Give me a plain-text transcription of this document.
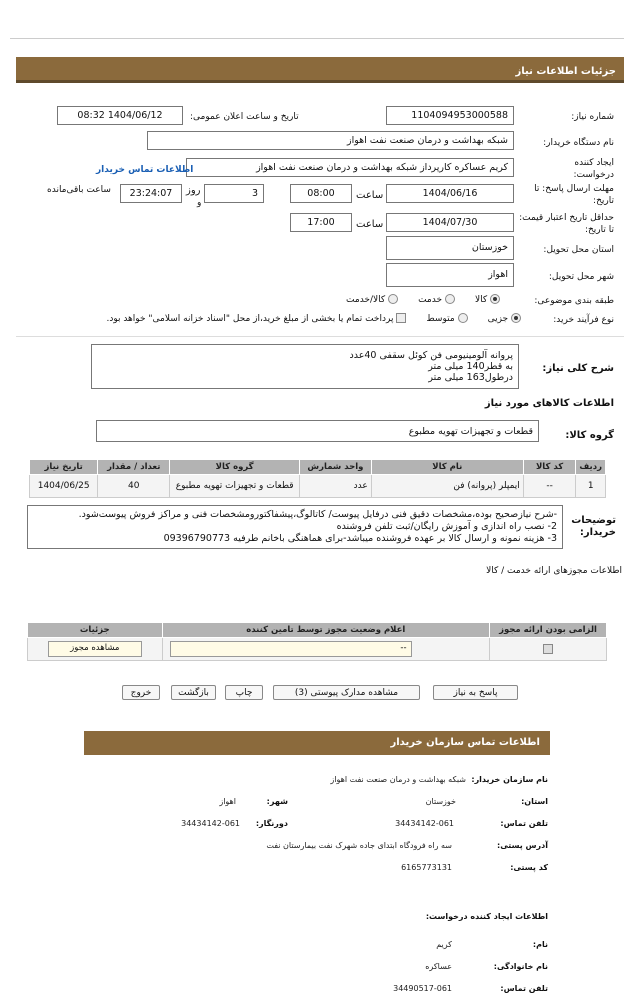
جزئیات اطلاعات نیاز
شماره نیاز:
1104094953000588
تاریخ و ساعت اعلان عمومی:
1404/06/12 08:32
نام دستگاه خریدار:
شبکه بهداشت و درمان صنعت نفت اهواز
ایجاد کننده درخواست:
کریم عساکره کارپرداز شبکه بهداشت و درمان صنعت نفت اهواز
اطلاعات تماس خریدار
مهلت ارسال پاسخ: تا تاریخ:
1404/06/16
ساعت
08:00
3
روز
و
23:24:07
ساعت باقی‌مانده
حداقل تاریخ اعتبار قیمت: تا تاریخ:
1404/07/30
ساعت
17:00
استان محل تحویل:
خوزستان
شهر محل تحویل:
اهواز
طبقه بندی موضوعی:
کالا        خدمت        کالا/خدمت
نوع فرآیند خرید:
جزیی        متوسط        پرداخت تمام یا بخشی از مبلغ خرید،از محل "اسناد خزانه اسلامی" خواهد بود.
شرح کلی نیاز:
پروانه آلومینیومی فن کوئل سقفی 40عدد
به قطر140 میلی متر
درطول163 میلی متر
اطلاعات کالاهای مورد نیاز
گروه کالا:
قطعات و تجهیزات تهویه مطبوع
ردیف	کد کالا	نام کالا	واحد شمارش	گروه کالا	تعداد / مقدار	تاریخ نیاز
1	--	ایمپلر (پروانه) فن	عدد	قطعات و تجهیزات تهویه مطبوع	40	1404/06/25
توضیحات خریدار:
-شرح نیازصحیح بوده،مشخصات دقیق فنی درفایل پیوست/ کاتالوگ،پیشفاکتورومشخصات فنی و مراکز فروش پیوست‌شود.
2- نصب راه اندازی و آموزش رایگان/ثبت تلفن فروشنده
3- هزینه نمونه و ارسال کالا بر عهده فروشنده میباشد-برای هماهنگی باخانم طرفیه 09396790773
اطلاعات مجوزهای ارائه خدمت / کالا
الزامی بودن ارائه مجوز	اعلام وضعیت مجوز توسط تامین کننده	جزئیات

	--	مشاهده مجوز
پاسخ به نیاز
مشاهده مدارک پیوستی (3)
چاپ
بازگشت
خروج
اطلاعات تماس سازمان خریدار
نام سازمان خریدار:
شبکه بهداشت و درمان صنعت نفت اهواز
استان:
خوزستان
شهر:
اهواز
تلفن تماس:
34434142-061
دورنگار:
34434142-061
آدرس پستی:
سه راه فرودگاه ابتدای جاده شهرک نفت بیمارستان نفت
کد پستی:
6165773131
اطلاعات ایجاد کننده درخواست:
نام:
کریم
نام خانوادگی:
عساکره
تلفن تماس:
34490517-061
